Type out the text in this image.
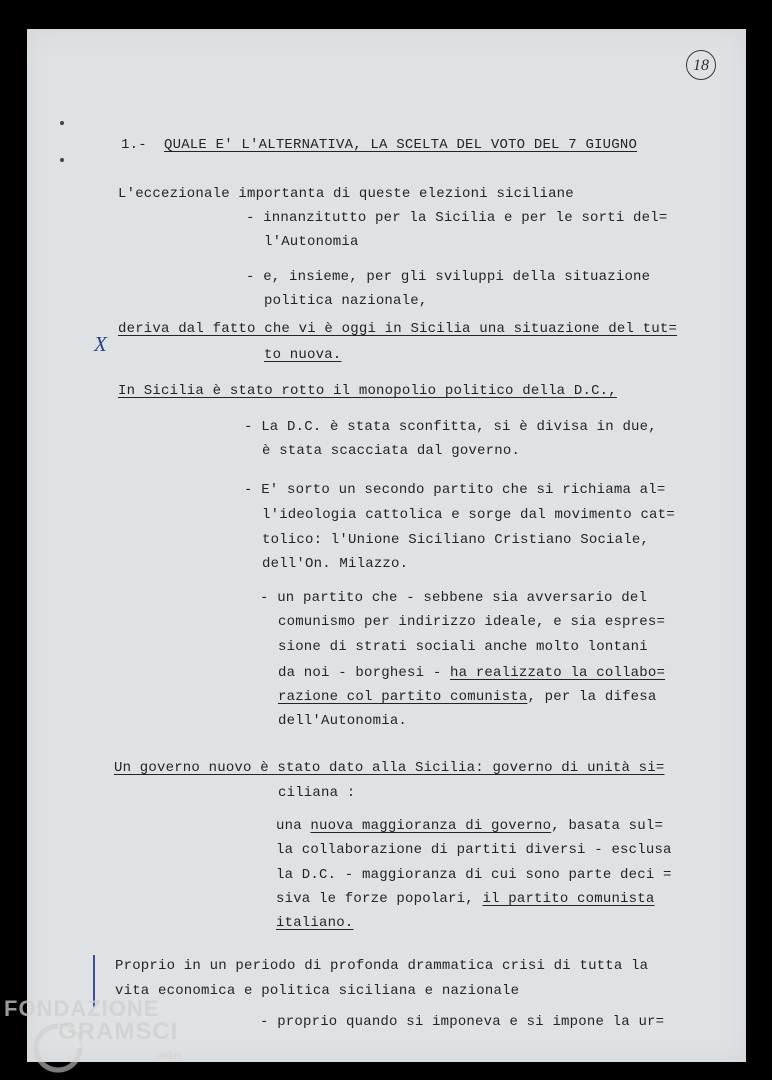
18

1.- QUALE E' L'ALTERNATIVA, LA SCELTA DEL VOTO DEL 7 GIUGNO

L'eccezionale importanta di queste elezioni siciliane

- innanzitutto per la Sicilia e per le sorti del=

l'Autonomia

- e, insieme, per gli sviluppi della situazione

politica nazionale,

X

deriva dal fatto che vi è oggi in Sicilia una situazione del tut=

to nuova.

In Sicilia è stato rotto il monopolio politico della D.C.,

- La D.C. è stata sconfitta, si è divisa in due,

è stata scacciata dal governo.

- E' sorto un secondo partito che si richiama al=

l'ideologia cattolica e sorge dal movimento cat=

tolico: l'Unione Siciliano Cristiano Sociale,

dell'On. Milazzo.

- un partito che - sebbene sia avversario del

comunismo per indirizzo ideale, e sia espres=

sione di strati sociali anche molto lontani

da noi - borghesi - ha realizzato la collabo=

razione col partito comunista, per la difesa

dell'Autonomia.

Un governo nuovo è stato dato alla Sicilia: governo di unità si=

ciliana :

una nuova maggioranza di governo, basata sul=

la collaborazione di partiti diversi - esclusa

la D.C. - maggioranza di cui sono parte deci =

siva le forze popolari, il partito comunista

italiano.

Proprio in un periodo di profonda drammatica crisi di tutta la

vita economica e politica siciliana e nazionale

- proprio quando si imponeva e si impone la ur=

FONDAZIONE
GRAMSCI
onlus
